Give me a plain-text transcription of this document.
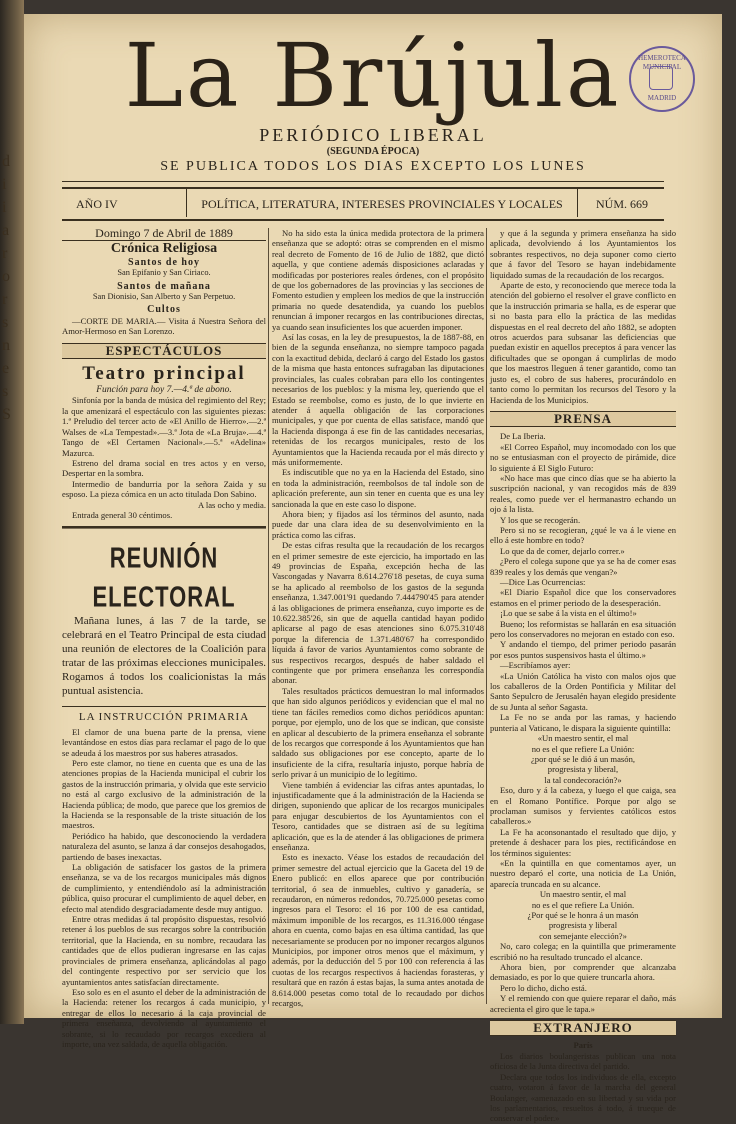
d
i
i
a
r
o
r
s
n
e
s
S
La Brújula
PERIÓDICO LIBERAL
(SEGUNDA ÉPOCA)
SE PUBLICA TODOS LOS DIAS EXCEPTO LOS LUNES
HEMEROTECA MUNICIPAL
MADRID
AÑO IV	POLÍTICA, LITERATURA, INTERESES PROVINCIALES Y LOCALES	NÚM. 669
Domingo 7 de Abril de 1889
Crónica Religiosa
Santos de hoy
San Epifanio y San Ciriaco.
Santos de mañana
San Dionisio, San Alberto y San Perpetuo.
Cultos

—CORTE DE MARIA.— Visita á Nuestra Señora del Amor-Hermoso en San Lorenzo.

ESPECTÁCULOS
Teatro principal
Función para hoy 7.—4.ª de abono.

Sinfonía por la banda de música del regimiento del Rey; la que amenizará el espectáculo con las siguientes piezas: 1.ª Preludio del tercer acto de «El Anillo de Hierro».—2.ª Walses de «La Tempestad».—3.ª Jota de «La Bruja».—4.ª Tango de «El Certamen Nacional».—5.ª «Adelina» Mazurca.

Estreno del drama social en tres actos y en verso, Despertar en la sombra.

Intermedio de bandurria por la señora Zaida y su esposo. La pieza cómica en un acto titulada Don Sabino.

A las ocho y media.

Entrada general 30 céntimos.

REUNIÓN ELECTORAL
Mañana lunes, á las 7 de la tarde, se celebrará en el Teatro Principal de esta ciudad una reunión de electores de la Coalición para tratar de las próximas elecciones municipales. Rogamos á todos los coalicionistas la más puntual asistencia.
LA INSTRUCCIÓN PRIMARIA

El clamor de una buena parte de la prensa, viene levantándose en estos días para reclamar el pago de lo que se adeuda á los maestros por sus haberes atrasados.

Pero este clamor, no tiene en cuenta que es una de las atenciones propias de la Hacienda municipal el cubrir los gastos de la instrucción primaria, y olvida que este servicio no está al cargo exclusivo de la administración de la Hacienda pública; de modo, que parece que los gremios de la Hacienda se la responsable de la triste situación de los maestros.

Periódico ha habido, que desconociendo la verdadera naturaleza del asunto, se lanza á dar consejos desahogados, partiendo de bases inexactas.

La obligación de satisfacer los gastos de la primera enseñanza, se va de los recargos municipales más dignos de cumplimiento, y entendiéndolo así la administración pública, quiso procurar el cumplimiento de aquel deber, en efecto mal atendido desgraciadamente desde muy antiguo.

Entre otras medidas á tal propósito dispuestas, resolvió retener á los pueblos de sus recargos sobre la contribución territorial, que la Hacienda, en su nombre, recaudara las cantidades que de ellos pudieran ingresarse en las cajas provinciales de primera enseñanza, aplicándolas al pago del contingente respectivo por ser servicio que los ayuntamientos antes satisfacían directamente.

Eso solo es en el asunto el deber de la administración de la Hacienda: retener los recargos á cada municipio, y entregar de ellos lo necesario á la caja provincial de primera enseñanza, devolviendo al ayuntamiento el sobrante, si lo recaudado por recargos excediera al importe, una vez saldada, de aquella obligación.

No ha sido esta la única medida protectora de la primera enseñanza que se adoptó: otras se comprenden en el mismo real decreto de Fomento de 16 de Julio de 1882, que dictó aquella, y que contiene además disposiciones aclaradas y modificadas por posteriores reales órdenes, con el propósito de que los gobernadores de las provincias y las secciones de Fomento estudien y empleen los medios de que la instrucción primaria no quede desatendida, ya cuando los pueblos renuncian á imponer recargos en las contribuciones directas, ya cuando sean insuficientes los que acuerden imponer.

Así las cosas, en la ley de presupuestos, la de 1887-88, en bien de la segunda enseñanza, no siempre tampoco pagada con la exactitud debida, declaró á cargo del Estado los gastos de la misma que hasta entonces sufragaban las diputaciones provinciales, las cuales cobraban para ello los contingentes necesarios de los pueblos: y la misma ley, queriendo que el Estado se reembolse, como es justo, de lo que invierte en atender á aquella obligación de las corporaciones municipales, y que por cuenta de ellas satisface, mandó que la Hacienda disponga á ese fin de las cantidades necesarias, retenidas de los recargos municipales, resto de los Ayuntamientos que la Hacienda recauda por el más directo y más uniformemente.

Es indiscutible que no ya en la Hacienda del Estado, sino en toda la administración, reembolsos de tal índole son de aplicación preferente, aun sin tener en cuenta que es una ley sancionada la que en este caso lo dispone.

Ahora bien; y fijados así los términos del asunto, nada puede dar una clara idea de su desenvolvimiento en la práctica como las cifras.

De estas cifras resulta que la recaudación de los recargos en el primer semestre de este ejercicio, ha importado en las 49 provincias de España, excepción hecha de las Vascongadas y Navarra 8.614.276'18 pesetas, de cuya suma se ha aplicado al reembolso de los gastos de la segunda enseñanza, 1.347.001'91 quedando 7.444790'45 para atender á las obligaciones de primera enseñanza, cuyo importe es de 10.622.385'26, sin que de aquella cantidad hayan podido aplicarse al pago de esas atenciones sino 6.075.310'48 porque la diferencia de 1.371.480'67 ha correspondido líquida á favor de varios Ayuntamientos como sobrante de sus respectivos recargos, después de haber saldado el contingente que por primera enseñanza les correspondía abonar.

Tales resultados prácticos demuestran lo mal informados que han sido algunos periódicos y evidencian que el mal no tiene tan fáciles remedios como dichos periódicos apuntan: porque, por ejemplo, uno de los que se indican, que consiste en aplicar al descubierto de la primera enseñanza el sobrante de los recargos que corresponde á los Ayuntamientos que han saldado sus obligaciones por ese concepto, aparte de lo insuficiente de la cifra, resultaría injusto, porque habría de serlo privar á un municipio de lo legítimo.

Viene también á evidenciar las cifras antes apuntadas, lo injustificadamente que á la administración de la Hacienda se dirigen, suponiendo que aplicar de los recargos municipales para enjugar descubiertos de los Ayuntamientos con el Tesoro, cantidades que se distraen así de su legítima aplicación, que es la de atender á las obligaciones de primera enseñanza.

Esto es inexacto. Véase los estados de recaudación del primer semestre del actual ejercicio que la Gaceta del 19 de Enero publicó: en ellos aparece que por contribución territorial, ó sea de inmuebles, cultivo y ganadería, se recaudaron, en números redondos, 70.725.000 pesetas como ingresos para el Tesoro: el 16 por 100 de esa cantidad, máximum imponible de los recargos, es 11.316.000 téngase ahora en cuenta, como bajas en esa última cantidad, las que necesariamente se producen por no imponer recargos algunos Municipios, por imponer otros menos que el máximum, y además, por la deducción del 5 por 100 con referencia á las cuotas de los recargos respectivos á haciendas forasteras, y resultará que en razón á estas bajas, la suma antes anotada de 8.614.000 pesetas como total de lo recaudado por dichos recargos,

y que á la segunda y primera enseñanza ha sido aplicada, devolviendo á los Ayuntamientos los sobrantes respectivos, no deja suponer como cierto que á favor del Tesoro se hayan indebidamente liquidado sumas de la recaudación de los recargos.

Aparte de esto, y reconociendo que merece toda la atención del gobierno el resolver el grave conflicto en que la instrucción primaria se halla, es de esperar que si no basta para ello la práctica de las medidas dispuestas en el real decreto del año 1882, se adopten otros acuerdos para subsanar las deficiencias que puedan existir en aquellos preceptos á para vencer las dificultades que se opongan á cumplirlas de modo que los maestros lleguen á tener garantido, como tan justo es, el cobro de sus haberes, procurándolo en tanto como lo permitan los recursos del Tesoro y la Hacienda de los Municipios.

PRENSA

De La Iberia.

«El Correo Español, muy incomodado con los que no se entusiasman con el proyecto de pirámide, dice lo siguiente á El Siglo Futuro:

«No hace mas que cinco días que se ha abierto la suscripción nacional, y van recogidos más de 839 reales, como puede ver el hermanastro echando un ojo á la lista.

Y los que se recogerán.

Pero si no se recogieran, ¿qué le va á le viene en ello á este hombre en todo?

Lo que da de comer, dejarlo correr.»

¿Pero el colega supone que ya se ha de comer esas 839 reales y los demás que vengan?»

—Dice Las Ocurrencias:

«El Diario Español dice que los conservadores estamos en el primer periodo de la desesperación.

¡Lo que se sabe á la vista en el último!»

Bueno; los reformistas se hallarán en esa situación pero los conservadores no mejoran en estado con eso.

Y andando el tiempo, del primer periodo pasarán por esos puntos suspensivos hasta el último.»

—Escribíamos ayer:

«La Unión Católica ha visto con malos ojos que los caballeros de la Orden Pontificia y Militar del Santo Sepulcro de Jerusalén hayan elegido presidente de su Junta al señor Sagasta.

La Fe no se anda por las ramas, y haciendo punteria al Vaticano, le dispara la siguiente quintilla:

«Un maestro sentir, el mal
no es el que refiere La Unión:
¿por qué se le dió á un masón,
progresista y liberal,
la tal condecoración?»

Eso, duro y á la cabeza, y luego el que caiga, sea en el Romano Pontífice. Porque por algo se proclaman sumisos y fervientes católicos estos caballeros.»

La Fe ha aconsonantado el resultado que dijo, y pretende á deshacer para los pies, rectificándose en los términos siguientes:

«En la quintilla en que comentamos ayer, un nuestro deparó el corte, una noticia de La Unión, aparecía truncada en su alcance.

Un maestro sentir, el mal
no es el que refiere La Unión.
¿Por qué se le honra á un masón
progresista y liberal
con semejante elección?»

No, caro colega; en la quintilla que primeramente escribió no ha resultado truncado el alcance.

Ahora bien, por comprender que alcanzaba demasiado, es por lo que quiere truncarla ahora.

Pero lo dicho, dicho está.

Y el remiendo con que quiere reparar el daño, más acrecienta el giro que le tapa.»

EXTRANJERO
París

Los diarios boulangeristas publican una nota oficiosa de la Junta directiva del partido.

Declara que todos los individuos de ella, excepto cuatro, votaron á favor de la marcha del general Boulanger, «amenazado en su libertad y su vida por los parlamentarios, resueltos á todo, á trueque de conservar el poder.»
